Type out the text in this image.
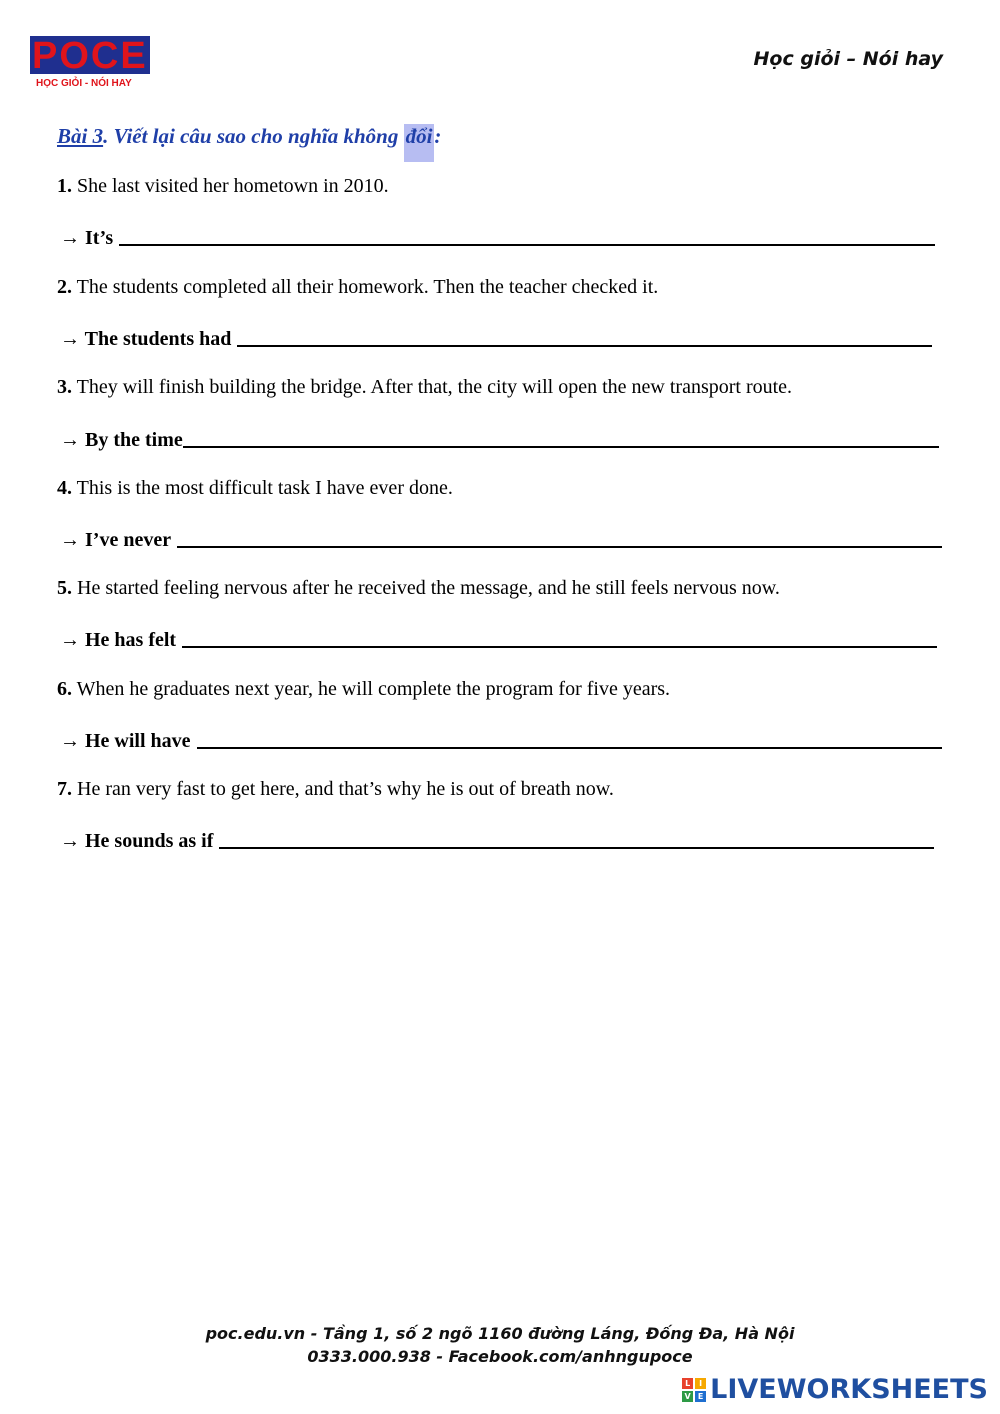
POCE
HỌC GIỎI - NÓI HAY
Học giỏi – Nói hay
Bài 3. Viết lại câu sao cho nghĩa không đổi:
1. She last visited her hometown in 2010.
→ It’s
2. The students completed all their homework. Then the teacher checked it.
→ The students had
3. They will finish building the bridge. After that, the city will open the new transport route.
→ By the time
4. This is the most difficult task I have ever done.
→ I’ve never
5. He started feeling nervous after he received the message, and he still feels nervous now.
→ He has felt
6. When he graduates next year, he will complete the program for five years.
→ He will have
7. He ran very fast to get here, and that’s why he is out of breath now.
→ He sounds as if
poc.edu.vn - Tầng 1, số 2 ngõ 1160 đường Láng, Đống Đa, Hà Nội
0333.000.938 - Facebook.com/anhngupoce
L	I
V E LIVEWORKSHEETS
